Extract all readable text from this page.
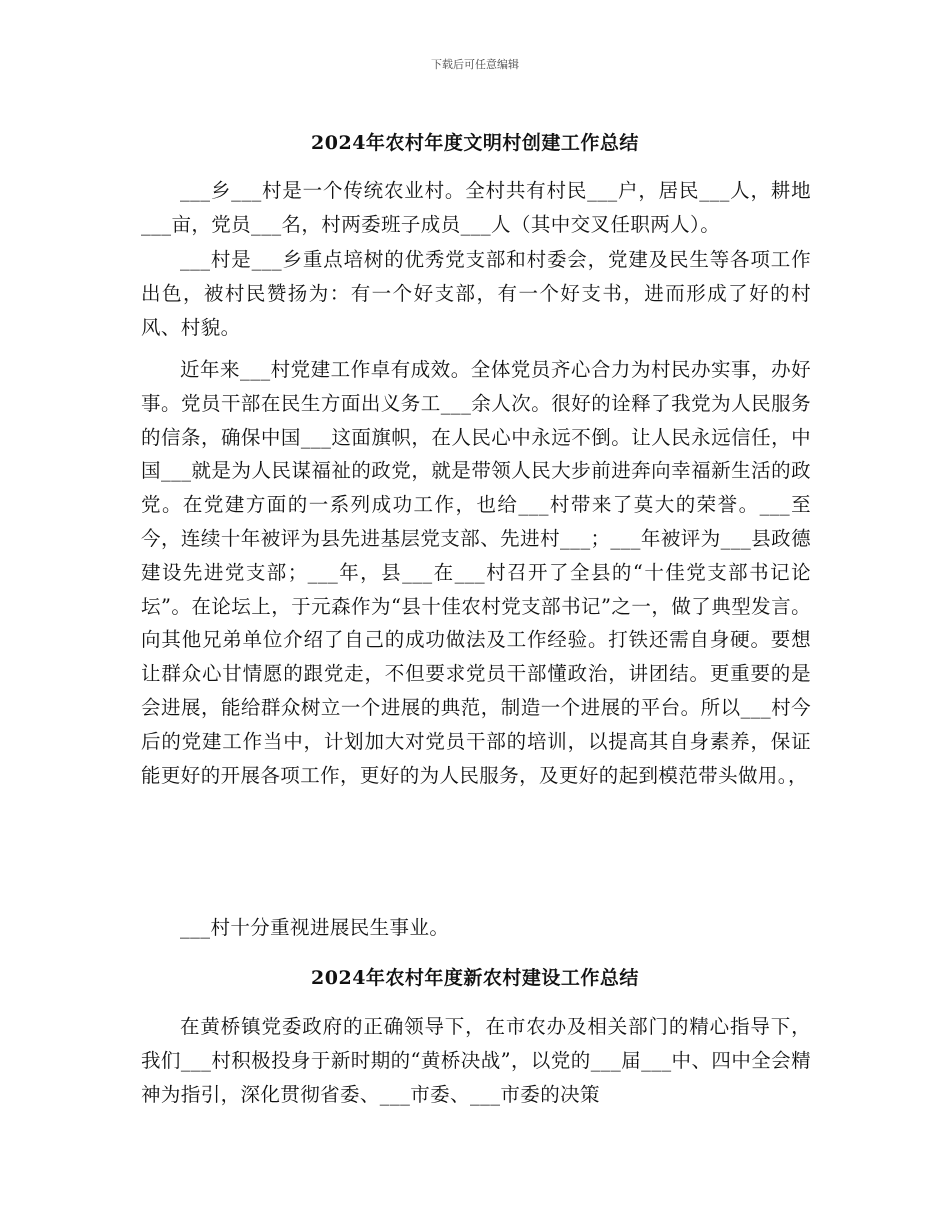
下载后可任意编辑
2024年农村年度文明村创建工作总结

___乡___村是一个传统农业村。全村共有村民___户，居民___人，耕地___亩，党员___名，村两委班子成员___人（其中交叉任职两人）。

___村是___乡重点培树的优秀党支部和村委会，党建及民生等各项工作出色，被村民赞扬为：有一个好支部，有一个好支书，进而形成了好的村风、村貌。

近年来___村党建工作卓有成效。全体党员齐心合力为村民办实事，办好事。党员干部在民生方面出义务工___余人次。很好的诠释了我党为人民服务的信条，确保中国___这面旗帜，在人民心中永远不倒。让人民永远信任，中国___就是为人民谋福祉的政党，就是带领人民大步前进奔向幸福新生活的政党。在党建方面的一系列成功工作，也给___村带来了莫大的荣誉。___至今，连续十年被评为县先进基层党支部、先进村___；___年被评为___县政德建设先进党支部；___年，县___在___村召开了全县的“十佳党支部书记论坛”。在论坛上，于元森作为“县十佳农村党支部书记”之一，做了典型发言。向其他兄弟单位介绍了自己的成功做法及工作经验。打铁还需自身硬。要想让群众心甘情愿的跟党走，不但要求党员干部懂政治，讲团结。更重要的是会进展，能给群众树立一个进展的典范，制造一个进展的平台。所以___村今后的党建工作当中，计划加大对党员干部的培训，以提高其自身素养，保证能更好的开展各项工作，更好的为人民服务，及更好的起到模范带头做用。，

___村十分重视进展民生事业。

2024年农村年度新农村建设工作总结

在黄桥镇党委政府的正确领导下，在市农办及相关部门的精心指导下，我们___村积极投身于新时期的“黄桥决战”，以党的___届___中、四中全会精神为指引，深化贯彻省委、___市委、___市委的决策
